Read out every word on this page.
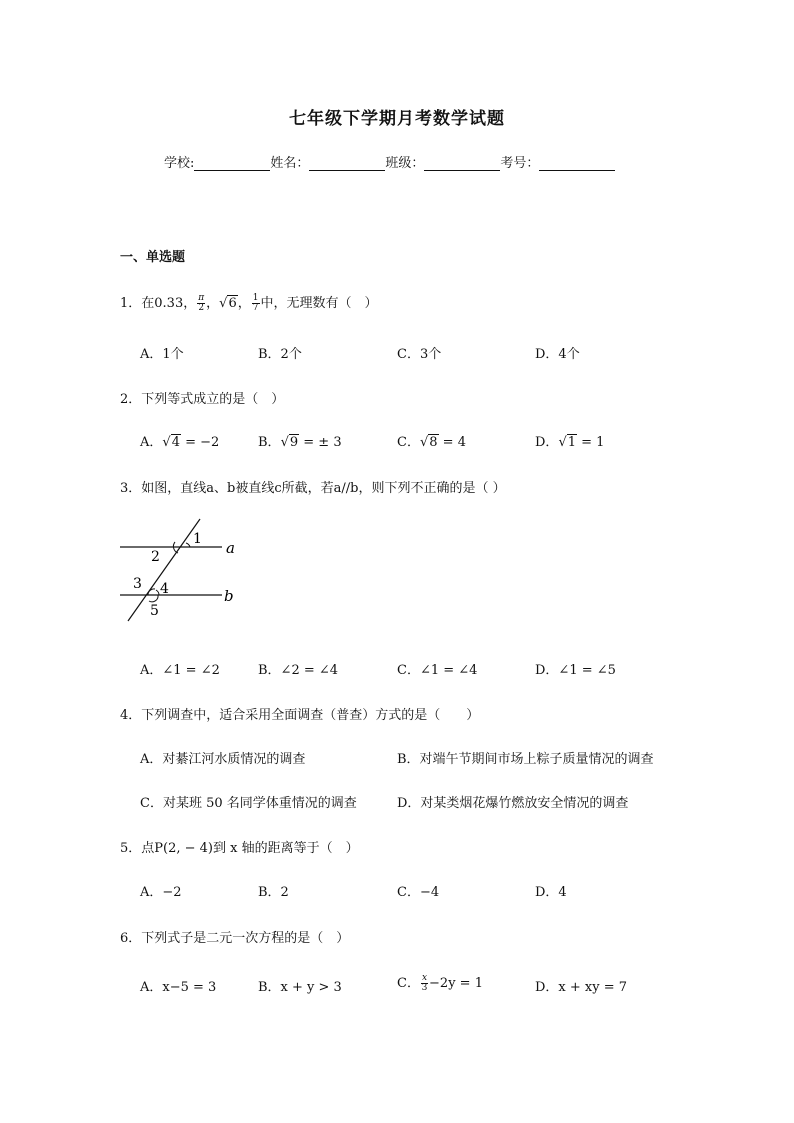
七年级下学期月考数学试题
学校:	姓名：	班级：	考号：
一、单选题
1．在0.33， $\frac{\pi}{2}$ ，√6， $\frac{1}{7}$ 中，无理数有（　）
A．1个	B．2个	C．3个	D．4个
2．下列等式成立的是（　）
A．√4 = −2	B．√9 = ± 3	C．√8 = 4	D．√1 = 1
3．如图，直线a、b被直线c所截，若a//b，则下列不正确的是（ ）
1
2
3 4
5
a
b
A．∠1 = ∠2	B．∠2 = ∠4	C．∠1 = ∠4	D．∠1 = ∠5
4．下列调查中，适合采用全面调查（普查）方式的是（　　）
A．对綦江河水质情况的调查	B．对端午节期间市场上粽子质量情况的调查
C．对某班 50 名同学体重情况的调查	D．对某类烟花爆竹燃放安全情况的调查
5．点P(2, − 4)到 x 轴的距离等于（　）
A．−2	B．2	C．−4	D．4
6．下列式子是二元一次方程的是（　）
A．x−5 = 3	B．x + y > 3	C． $\frac{x}{3} -2y = 1$	D．x + xy = 7
